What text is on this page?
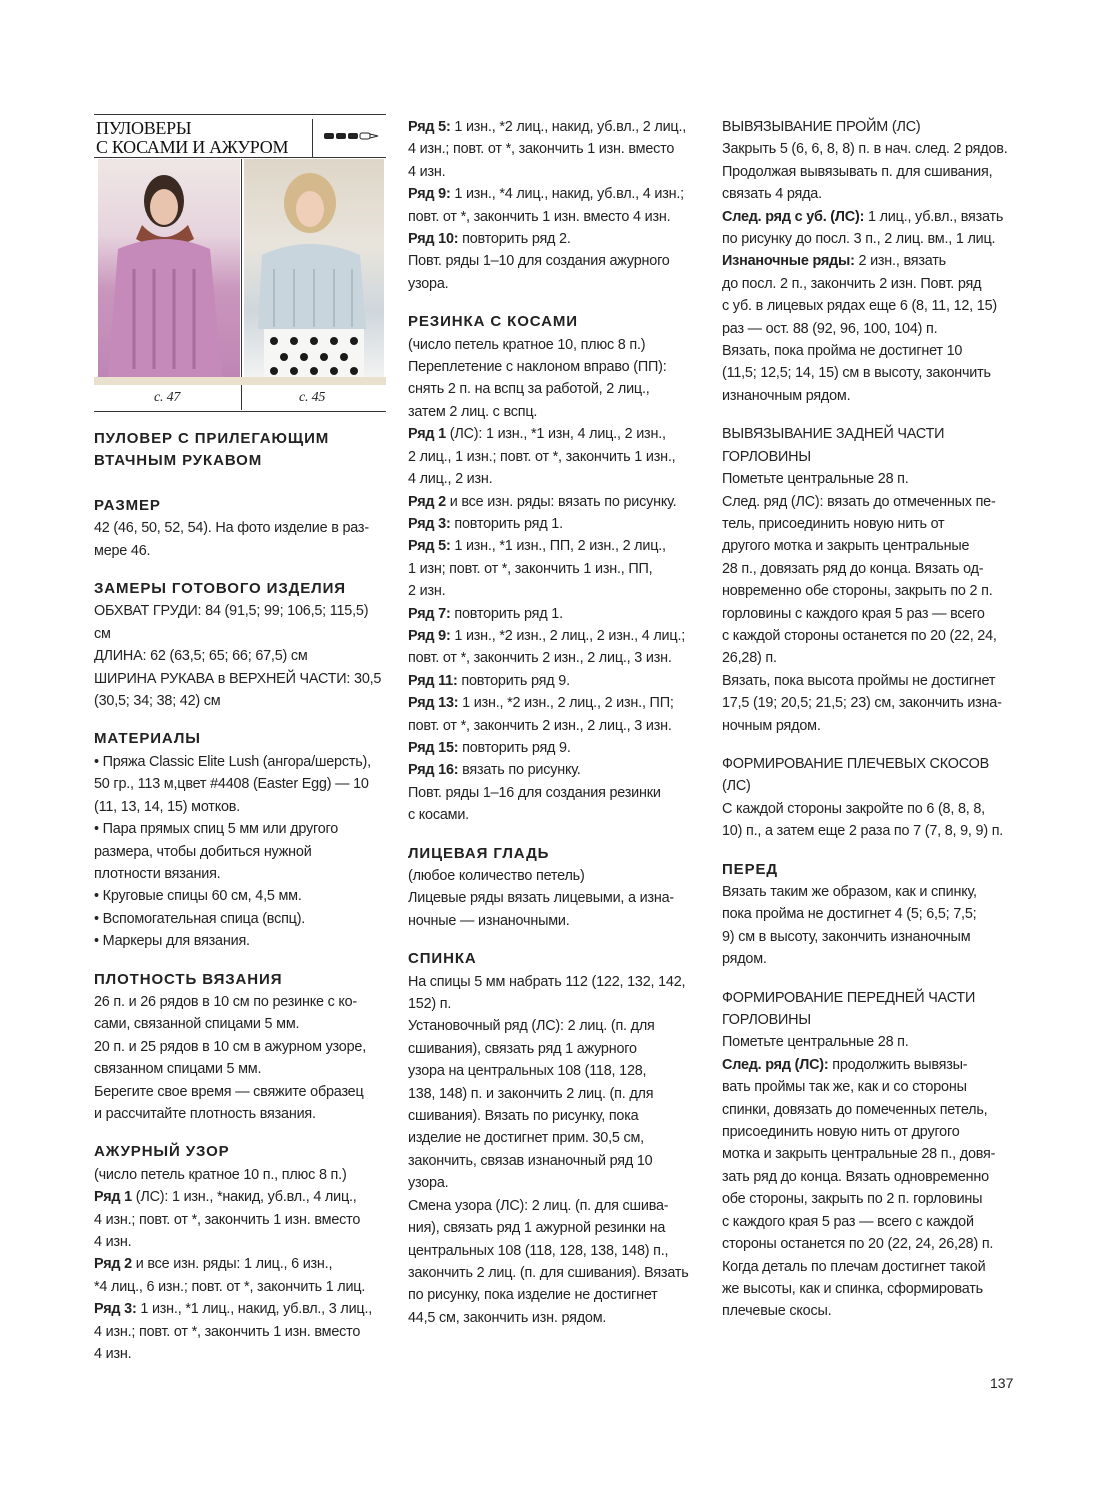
ПУЛОВЕРЫ
С КОСАМИ И АЖУРОМ
с. 47	с. 45

ПУЛОВЕР С ПРИЛЕГАЮЩИМ

ВТАЧНЫМ РУКАВОМ

РАЗМЕР

42 (46, 50, 52, 54). На фото изделие в раз-

мере 46.

ЗАМЕРЫ ГОТОВОГО ИЗДЕЛИЯ

ОБХВАТ ГРУДИ: 84 (91,5; 99; 106,5; 115,5) см

ДЛИНА: 62 (63,5; 65; 66; 67,5) см

ШИРИНА РУКАВА в ВЕРХНЕЙ ЧАСТИ: 30,5

(30,5; 34; 38; 42) см

МАТЕРИАЛЫ

• Пряжа Classic Elite Lush (ангора/шерсть),

50 гр., 113 м,цвет #4408 (Easter Egg) — 10

(11, 13, 14, 15) мотков.

• Пара прямых спиц 5 мм или другого

размера, чтобы добиться нужной

плотности вязания.

• Круговые спицы 60 см, 4,5 мм.

• Вспомогательная спица (вспц).

• Маркеры для вязания.

ПЛОТНОСТЬ ВЯЗАНИЯ

26 п. и 26 рядов в 10 см по резинке с ко-

сами, связанной спицами 5 мм.

20 п. и 25 рядов в 10 см в ажурном узоре,

связанном спицами 5 мм.

Берегите свое время — свяжите образец

и рассчитайте плотность вязания.

АЖУРНЫЙ УЗОР

(число петель кратное 10 п., плюс 8 п.)

Ряд 1 (ЛС): 1 изн., *накид, уб.вл., 4 лиц.,

4 изн.; повт. от *, закончить 1 изн. вместо

4 изн.

Ряд 2 и все изн. ряды: 1 лиц., 6 изн.,

*4 лиц., 6 изн.; повт. от *, закончить 1 лиц.

Ряд 3: 1 изн., *1 лиц., накид, уб.вл., 3 лиц.,

4 изн.; повт. от *, закончить 1 изн. вместо

4 изн.

Ряд 5: 1 изн., *2 лиц., накид, уб.вл., 2 лиц.,

4 изн.; повт. от *, закончить 1 изн. вместо

4 изн.

Ряд 9: 1 изн., *4 лиц., накид, уб.вл., 4 изн.;

повт. от *, закончить 1 изн. вместо 4 изн.

Ряд 10: повторить ряд 2.

Повт. ряды 1–10 для создания ажурного

узора.

РЕЗИНКА С КОСАМИ

(число петель кратное 10, плюс 8 п.)

Переплетение с наклоном вправо (ПП):

снять 2 п. на вспц за работой, 2 лиц.,

затем 2 лиц. с вспц.

Ряд 1 (ЛС): 1 изн., *1 изн, 4 лиц., 2 изн.,

2 лиц., 1 изн.; повт. от *, закончить 1 изн.,

4 лиц., 2 изн.

Ряд 2 и все изн. ряды: вязать по рисунку.

Ряд 3: повторить ряд 1.

Ряд 5: 1 изн., *1 изн., ПП, 2 изн., 2 лиц.,

1 изн; повт. от *, закончить 1 изн., ПП,

2 изн.

Ряд 7: повторить ряд 1.

Ряд 9: 1 изн., *2 изн., 2 лиц., 2 изн., 4 лиц.;

повт. от *, закончить 2 изн., 2 лиц., 3 изн.

Ряд 11: повторить ряд 9.

Ряд 13: 1 изн., *2 изн., 2 лиц., 2 изн., ПП;

повт. от *, закончить 2 изн., 2 лиц., 3 изн.

Ряд 15: повторить ряд 9.

Ряд 16: вязать по рисунку.

Повт. ряды 1–16 для создания резинки

с косами.

ЛИЦЕВАЯ ГЛАДЬ

(любое количество петель)

Лицевые ряды вязать лицевыми, а изна-

ночные — изнаночными.

СПИНКА

На спицы 5 мм набрать 112 (122, 132, 142,

152) п.

Установочный ряд (ЛС): 2 лиц. (п. для

сшивания), связать ряд 1 ажурного

узора на центральных 108 (118, 128,

138, 148) п. и закончить 2 лиц. (п. для

сшивания). Вязать по рисунку, пока

изделие не достигнет прим. 30,5 см,

закончить, связав изнаночный ряд 10

узора.

Смена узора (ЛС): 2 лиц. (п. для сшива-

ния), связать ряд 1 ажурной резинки на

центральных 108 (118, 128, 138, 148) п.,

закончить 2 лиц. (п. для сшивания). Вязать

по рисунку, пока изделие не достигнет

44,5 см, закончить изн. рядом.

ВЫВЯЗЫВАНИЕ ПРОЙМ (ЛС)

Закрыть 5 (6, 6, 8, 8) п. в нач. след. 2 рядов.

Продолжая вывязывать п. для сшивания,

связать 4 ряда.

След. ряд с уб. (ЛС): 1 лиц., уб.вл., вязать

по рисунку до посл. 3 п., 2 лиц. вм., 1 лиц.

Изнаночные ряды: 2 изн., вязать

до посл. 2 п., закончить 2 изн. Повт. ряд

с уб. в лицевых рядах еще 6 (8, 11, 12, 15)

раз — ост. 88 (92, 96, 100, 104) п.

Вязать, пока пройма не достигнет 10

(11,5; 12,5; 14, 15) см в высоту, закончить

изнаночным рядом.

ВЫВЯЗЫВАНИЕ ЗАДНЕЙ ЧАСТИ

ГОРЛОВИНЫ

Пометьте центральные 28 п.

След. ряд (ЛС): вязать до отмеченных пе-

тель, присоединить новую нить от

другого мотка и закрыть центральные

28 п., довязать ряд до конца. Вязать од-

новременно обе стороны, закрыть по 2 п.

горловины с каждого края 5 раз — всего

с каждой стороны останется по 20 (22, 24,

26,28) п.

Вязать, пока высота проймы не достигнет

17,5 (19; 20,5; 21,5; 23) см, закончить изна-

ночным рядом.

ФОРМИРОВАНИЕ ПЛЕЧЕВЫХ СКОСОВ (ЛС)

С каждой стороны закройте по 6 (8, 8, 8,

10) п., а затем еще 2 раза по 7 (7, 8, 9, 9) п.

ПЕРЕД

Вязать таким же образом, как и спинку,

пока пройма не достигнет 4 (5; 6,5; 7,5;

9) см в высоту, закончить изнаночным

рядом.

ФОРМИРОВАНИЕ ПЕРЕДНЕЙ ЧАСТИ

ГОРЛОВИНЫ

Пометьте центральные 28 п.

След. ряд (ЛС): продолжить вывязы-

вать проймы так же, как и со стороны

спинки, довязать до помеченных петель,

присоединить новую нить от другого

мотка и закрыть центральные 28 п., довя-

зать ряд до конца. Вязать одновременно

обе стороны, закрыть по 2 п. горловины

с каждого края 5 раз — всего с каждой

стороны останется по 20 (22, 24, 26,28) п.

Когда деталь по плечам достигнет такой

же высоты, как и спинка, сформировать

плечевые скосы.

137
